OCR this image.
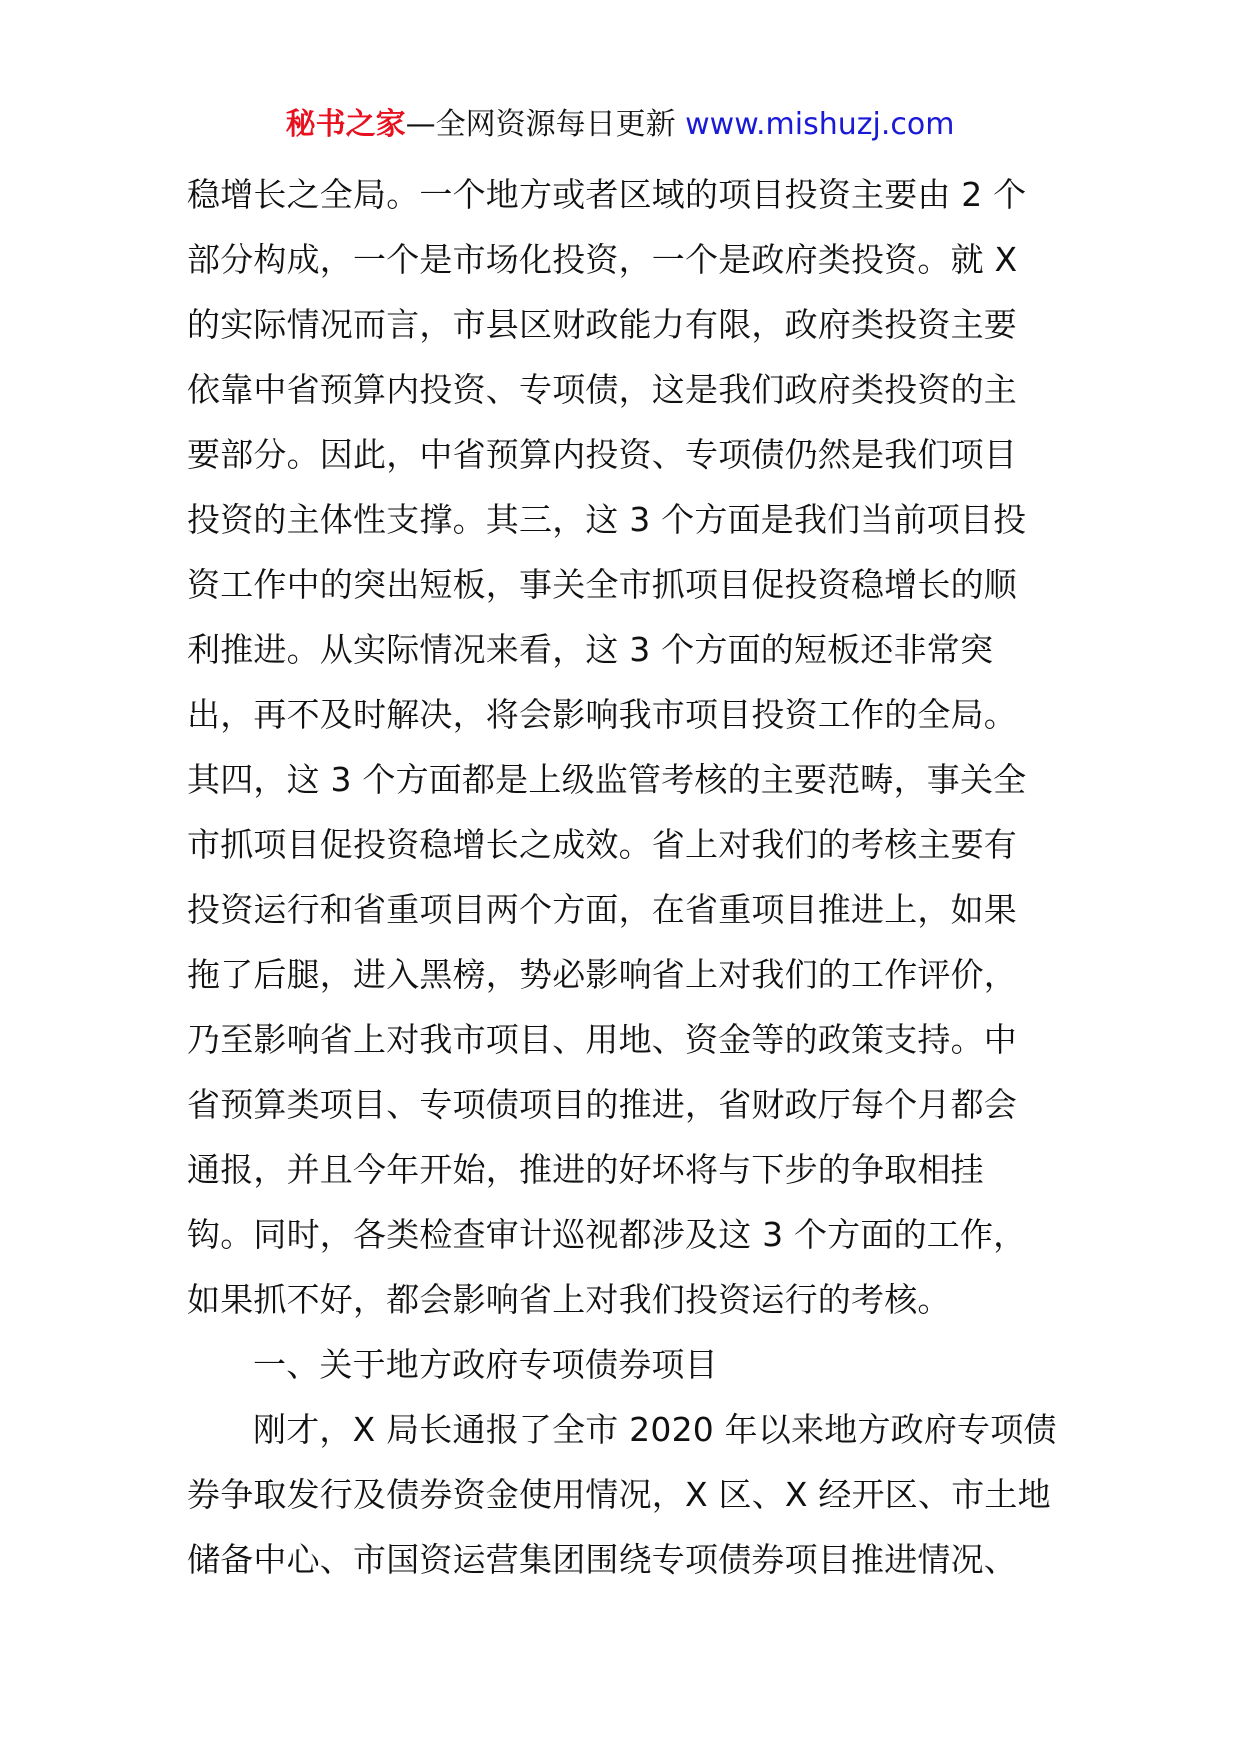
秘书之家—全网资源每日更新 www.mishuzj.com
稳增长之全局。一个地方或者区域的项目投资主要由 2 个
部分构成，一个是市场化投资，一个是政府类投资。就 X
的实际情况而言，市县区财政能力有限，政府类投资主要
依靠中省预算内投资、专项债，这是我们政府类投资的主
要部分。因此，中省预算内投资、专项债仍然是我们项目
投资的主体性支撑。其三，这 3 个方面是我们当前项目投
资工作中的突出短板，事关全市抓项目促投资稳增长的顺
利推进。从实际情况来看，这 3 个方面的短板还非常突
出，再不及时解决，将会影响我市项目投资工作的全局。
其四，这 3 个方面都是上级监管考核的主要范畴，事关全
市抓项目促投资稳增长之成效。省上对我们的考核主要有
投资运行和省重项目两个方面，在省重项目推进上，如果
拖了后腿，进入黑榜，势必影响省上对我们的工作评价，
乃至影响省上对我市项目、用地、资金等的政策支持。中
省预算类项目、专项债项目的推进，省财政厅每个月都会
通报，并且今年开始，推进的好坏将与下步的争取相挂
钩。同时，各类检查审计巡视都涉及这 3 个方面的工作，
如果抓不好，都会影响省上对我们投资运行的考核。
一、关于地方政府专项债券项目
刚才，X 局长通报了全市 2020 年以来地方政府专项债
券争取发行及债券资金使用情况，X 区、X 经开区、市土地
储备中心、市国资运营集团围绕专项债券项目推进情况、
